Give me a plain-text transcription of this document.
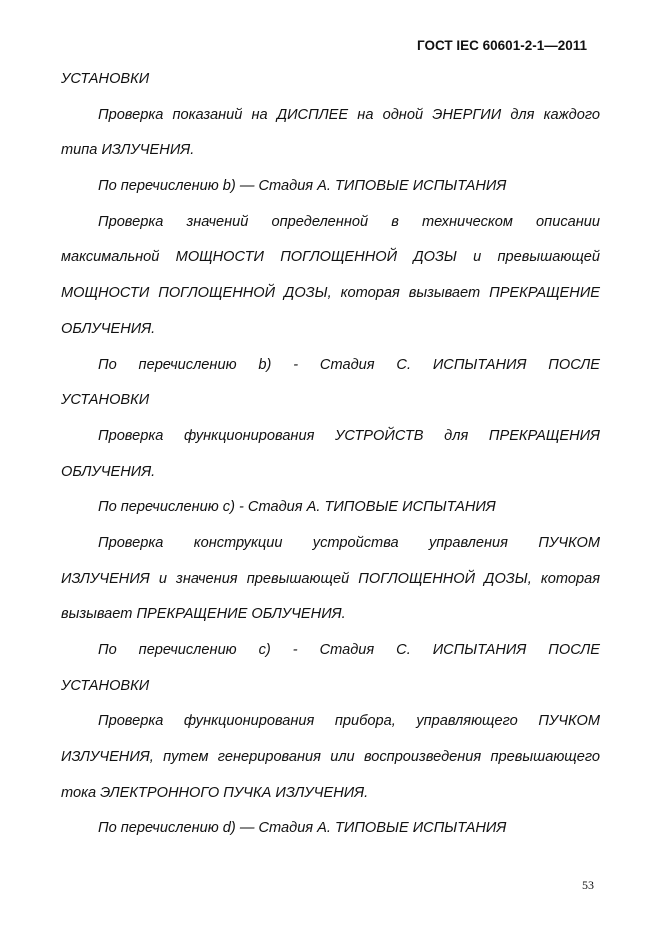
ГОСТ IEC 60601-2-1—2011
УСТАНОВКИ
Проверка показаний на ДИСПЛЕЕ на одной ЭНЕРГИИ для каждого
типа ИЗЛУЧЕНИЯ.
По перечислению b) — Стадия А. ТИПОВЫЕ ИСПЫТАНИЯ
Проверка значений определенной в техническом описании
максимальной МОЩНОСТИ ПОГЛОЩЕННОЙ ДОЗЫ и превышающей
МОЩНОСТИ ПОГЛОЩЕННОЙ ДОЗЫ, которая вызывает ПРЕКРАЩЕНИЕ
ОБЛУЧЕНИЯ.
По перечислению b) - Стадия С. ИСПЫТАНИЯ ПОСЛЕ
УСТАНОВКИ
Проверка функционирования УСТРОЙСТВ для ПРЕКРАЩЕНИЯ
ОБЛУЧЕНИЯ.
По перечислению с) - Стадия А. ТИПОВЫЕ ИСПЫТАНИЯ
Проверка конструкции устройства управления ПУЧКОМ
ИЗЛУЧЕНИЯ и значения превышающей ПОГЛОЩЕННОЙ ДОЗЫ, которая
вызывает ПРЕКРАЩЕНИЕ ОБЛУЧЕНИЯ.
По перечислению с) - Стадия С. ИСПЫТАНИЯ ПОСЛЕ
УСТАНОВКИ
Проверка функционирования прибора, управляющего ПУЧКОМ
ИЗЛУЧЕНИЯ, путем генерирования или воспроизведения превышающего
тока ЭЛЕКТРОННОГО ПУЧКА ИЗЛУЧЕНИЯ.
По перечислению d) — Стадия А. ТИПОВЫЕ ИСПЫТАНИЯ
53
